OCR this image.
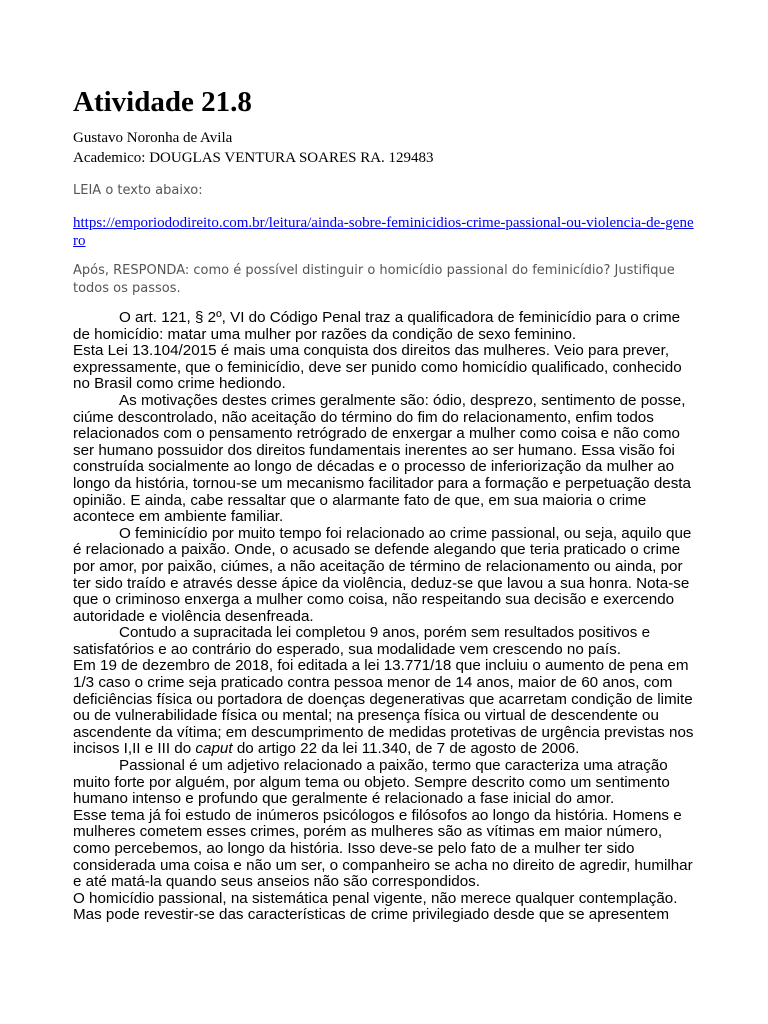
Atividade 21.8
Gustavo Noronha de Avila
Academico: DOUGLAS VENTURA SOARES RA. 129483
LEIA o texto abaixo:
https://emporiododireito.com.br/leitura/ainda-sobre-feminicidios-crime-passional-ou-violencia-de-genero
Após, RESPONDA: como é possível distinguir o homicídio passional do feminicídio? Justifique todos os passos.

O art. 121, § 2º, VI do Código Penal traz a qualificadora de feminicídio para o crime de homicídio: matar uma mulher por razões da condição de sexo feminino.

Esta Lei 13.104/2015 é mais uma conquista dos direitos das mulheres. Veio para prever, expressamente, que o feminicídio, deve ser punido como homicídio qualificado, conhecido no Brasil como crime hediondo.

As motivações destes crimes geralmente são: ódio, desprezo, sentimento de posse, ciúme descontrolado, não aceitação do término do fim do relacionamento, enfim todos relacionados com o pensamento retrógrado de enxergar a mulher como coisa e não como ser humano possuidor dos direitos fundamentais inerentes ao ser humano. Essa visão foi construída socialmente ao longo de décadas e o processo de inferiorização da mulher ao longo da história, tornou-se um mecanismo facilitador para a formação e perpetuação desta opinião. E ainda, cabe ressaltar que o alarmante fato de que, em sua maioria o crime acontece em ambiente familiar.

O feminicídio por muito tempo foi relacionado ao crime passional, ou seja, aquilo que é relacionado a paixão. Onde, o acusado se defende alegando que teria praticado o crime por amor, por paixão, ciúmes, a não aceitação de término de relacionamento ou ainda, por ter sido traído e através desse ápice da violência, deduz-se que lavou a sua honra. Nota-se que o criminoso enxerga a mulher como coisa, não respeitando sua decisão e exercendo autoridade e violência desenfreada.

Contudo a supracitada lei completou 9 anos, porém sem resultados positivos e satisfatórios e ao contrário do esperado, sua modalidade vem crescendo no país.

Em 19 de dezembro de 2018, foi editada a lei 13.771/18 que incluiu o aumento de pena em 1/3 caso o crime seja praticado contra pessoa menor de 14 anos, maior de 60 anos, com deficiências física ou portadora de doenças degenerativas que acarretam condição de limite ou de vulnerabilidade física ou mental; na presença física ou virtual de descendente ou ascendente da vítima; em descumprimento de medidas protetivas de urgência previstas nos incisos I,II e III do caput do artigo 22 da lei 11.340, de 7 de agosto de 2006.

Passional é um adjetivo relacionado a paixão, termo que caracteriza uma atração muito forte por alguém, por algum tema ou objeto. Sempre descrito como um sentimento humano intenso e profundo que geralmente é relacionado a fase inicial do amor.

Esse tema já foi estudo de inúmeros psicólogos e filósofos ao longo da história. Homens e mulheres cometem esses crimes, porém as mulheres são as vítimas em maior número, como percebemos, ao longo da história. Isso deve-se pelo fato de a mulher ter sido considerada uma coisa e não um ser, o companheiro se acha no direito de agredir, humilhar e até matá-la quando seus anseios não são correspondidos.

O homicídio passional, na sistemática penal vigente, não merece qualquer contemplação. Mas pode revestir-se das características de crime privilegiado desde que se apresentem
